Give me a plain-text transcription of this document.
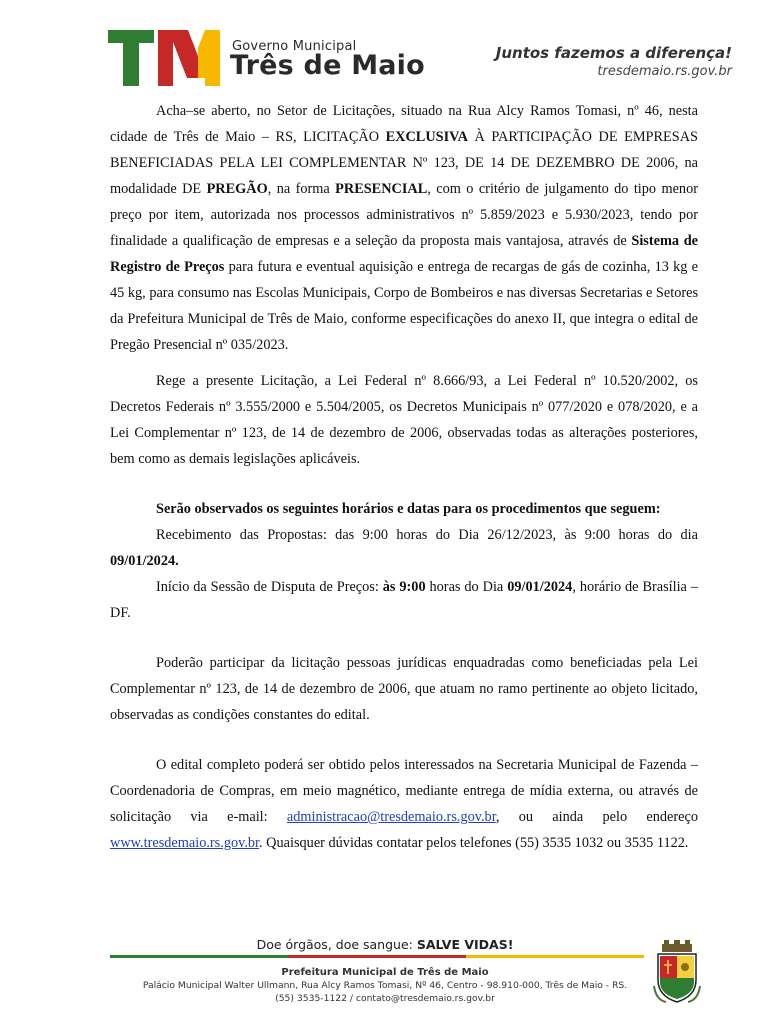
Governo Municipal
Três de Maio	Juntos fazemos a diferença!
tresdemaio.rs.gov.br

Acha–se aberto, no Setor de Licitações, situado na Rua Alcy Ramos Tomasi, nº 46, nesta cidade de Três de Maio – RS, LICITAÇÃO EXCLUSIVA À PARTICIPAÇÃO DE EMPRESAS BENEFICIADAS PELA LEI COMPLEMENTAR Nº 123, DE 14 DE DEZEMBRO DE 2006, na modalidade DE PREGÃO, na forma PRESENCIAL, com o critério de julgamento do tipo menor preço por item, autorizada nos processos administrativos nº 5.859/2023 e 5.930/2023, tendo por finalidade a qualificação de empresas e a seleção da proposta mais vantajosa, através de Sistema de Registro de Preços para futura e eventual aquisição e entrega de recargas de gás de cozinha, 13 kg e 45 kg, para consumo nas Escolas Municipais, Corpo de Bombeiros e nas diversas Secretarias e Setores da Prefeitura Municipal de Três de Maio, conforme especificações do anexo II, que integra o edital de Pregão Presencial nº 035/2023.

Rege a presente Licitação, a Lei Federal nº 8.666/93, a Lei Federal nº 10.520/2002, os Decretos Federais nº 3.555/2000 e 5.504/2005, os Decretos Municipais nº 077/2020 e 078/2020, e a Lei Complementar nº 123, de 14 de dezembro de 2006, observadas todas as alterações posteriores, bem como as demais legislações aplicáveis.

Serão observados os seguintes horários e datas para os procedimentos que seguem:

Recebimento das Propostas: das 9:00 horas do Dia 26/12/2023, às 9:00 horas do dia 09/01/2024.

Início da Sessão de Disputa de Preços: às 9:00 horas do Dia 09/01/2024, horário de Brasília – DF.

Poderão participar da licitação pessoas jurídicas enquadradas como beneficiadas pela Lei Complementar nº 123, de 14 de dezembro de 2006, que atuam no ramo pertinente ao objeto licitado, observadas as condições constantes do edital.

O edital completo poderá ser obtido pelos interessados na Secretaria Municipal de Fazenda – Coordenadoria de Compras, em meio magnético, mediante entrega de mídia externa, ou através de solicitação via e-mail: administracao@tresdemaio.rs.gov.br, ou ainda pelo endereço www.tresdemaio.rs.gov.br. Quaisquer dúvidas contatar pelos telefones (55) 3535 1032 ou 3535 1122.

Doe órgãos, doe sangue: SALVE VIDAS!
Prefeitura Municipal de Três de Maio
Palácio Municipal Walter Ullmann, Rua Alcy Ramos Tomasi, Nº 46, Centro - 98.910-000, Três de Maio - RS.
(55) 3535-1122 / contato@tresdemaio.rs.gov.br
